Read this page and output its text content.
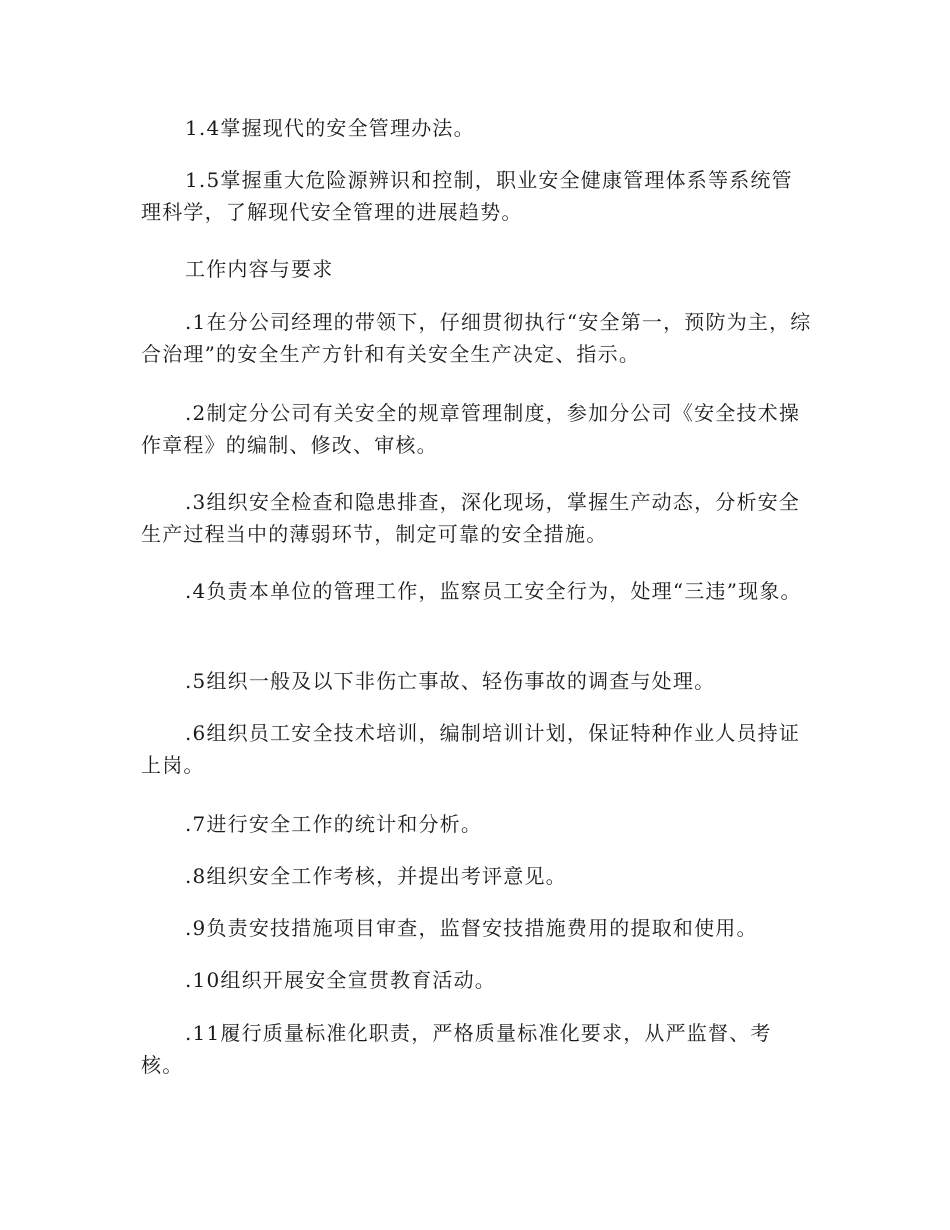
1.4掌握现代的安全管理办法。

1.5掌握重大危险源辨识和控制，职业安全健康管理体系等系统管理科学，了解现代安全管理的进展趋势。

工作内容与要求

.1在分公司经理的带领下，仔细贯彻执行“安全第一，预防为主，综合治理”的安全生产方针和有关安全生产决定、指示。

.2制定分公司有关安全的规章管理制度，参加分公司《安全技术操作章程》的编制、修改、审核。

.3组织安全检查和隐患排查，深化现场，掌握生产动态，分析安全生产过程当中的薄弱环节，制定可靠的安全措施。

.4负责本单位的管理工作，监察员工安全行为，处理“三违”现象。

.5组织一般及以下非伤亡事故、轻伤事故的调查与处理。

.6组织员工安全技术培训，编制培训计划，保证特种作业人员持证上岗。

.7进行安全工作的统计和分析。

.8组织安全工作考核，并提出考评意见。

.9负责安技措施项目审查，监督安技措施费用的提取和使用。

.10组织开展安全宣贯教育活动。

.11履行质量标准化职责，严格质量标准化要求，从严监督、考核。
